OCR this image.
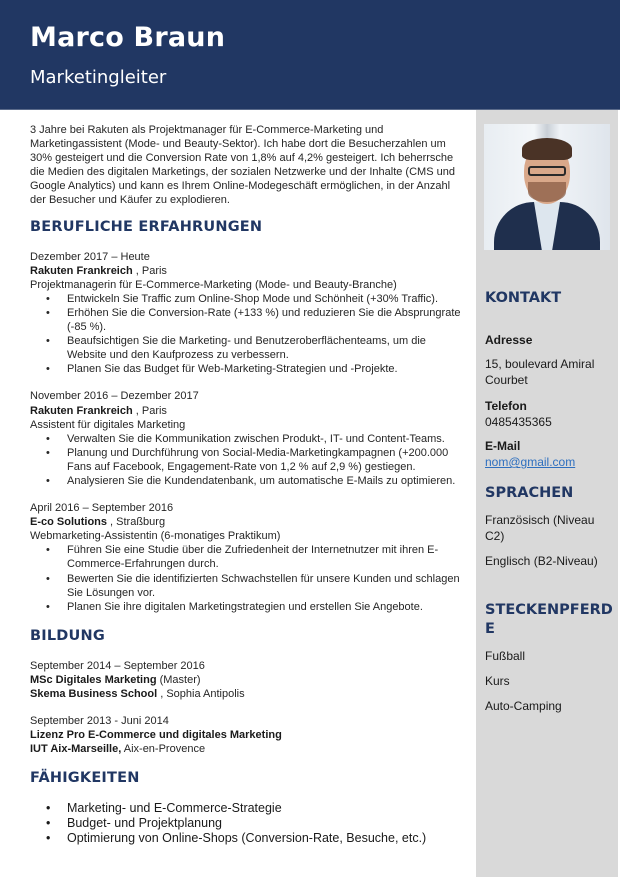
Marco Braun
Marketingleiter
3 Jahre bei Rakuten als Projektmanager für E-Commerce-Marketing und Marketingassistent (Mode- und Beauty-Sektor). Ich habe dort die Besucherzahlen um 30% gesteigert und die Conversion Rate von 1,8% auf 4,2% gesteigert. Ich beherrsche die Medien des digitalen Marketings, der sozialen Netzwerke und der Inhalte (CMS und Google Analytics) und kann es Ihrem Online-Modegeschäft ermöglichen, in der Anzahl der Besucher und Käufer zu explodieren.
BERUFLICHE ERFAHRUNGEN
Dezember 2017 – Heute
Rakuten Frankreich , Paris
Projektmanagerin für E-Commerce-Marketing (Mode- und Beauty-Branche)
• Entwickeln Sie Traffic zum Online-Shop Mode und Schönheit (+30% Traffic).
• Erhöhen Sie die Conversion-Rate (+133 %) und reduzieren Sie die Absprungrate (-85 %).
• Beaufsichtigen Sie die Marketing- und Benutzeroberflächenteams, um die Website und den Kaufprozess zu verbessern.
• Planen Sie das Budget für Web-Marketing-Strategien und -Projekte.
November 2016 – Dezember 2017
Rakuten Frankreich , Paris
Assistent für digitales Marketing
• Verwalten Sie die Kommunikation zwischen Produkt-, IT- und Content-Teams.
• Planung und Durchführung von Social-Media-Marketingkampagnen (+200.000 Fans auf Facebook, Engagement-Rate von 1,2 % auf 2,9 %) gestiegen.
• Analysieren Sie die Kundendatenbank, um automatische E-Mails zu optimieren.
April 2016 – September 2016
E-co Solutions , Straßburg
Webmarketing-Assistentin (6-monatiges Praktikum)
• Führen Sie eine Studie über die Zufriedenheit der Internetnutzer mit ihren E-Commerce-Erfahrungen durch.
• Bewerten Sie die identifizierten Schwachstellen für unsere Kunden und schlagen Sie Lösungen vor.
• Planen Sie ihre digitalen Marketingstrategien und erstellen Sie Angebote.
BILDUNG
September 2014 – September 2016
MSc Digitales Marketing (Master)
Skema Business School , Sophia Antipolis
September 2013 - Juni 2014
Lizenz Pro E-Commerce und digitales Marketing
IUT Aix-Marseille, Aix-en-Provence
FÄHIGKEITEN
• Marketing- und E-Commerce-Strategie
• Budget- und Projektplanung
• Optimierung von Online-Shops (Conversion-Rate, Besuche, etc.)
KONTAKT
Adresse
15, boulevard Amiral Courbet
Telefon
0485435365
E-Mail
nom@gmail.com
SPRACHEN
Französisch (Niveau C2)
Englisch (B2-Niveau)
STECKENPFERDE
Fußball
Kurs
Auto-Camping
